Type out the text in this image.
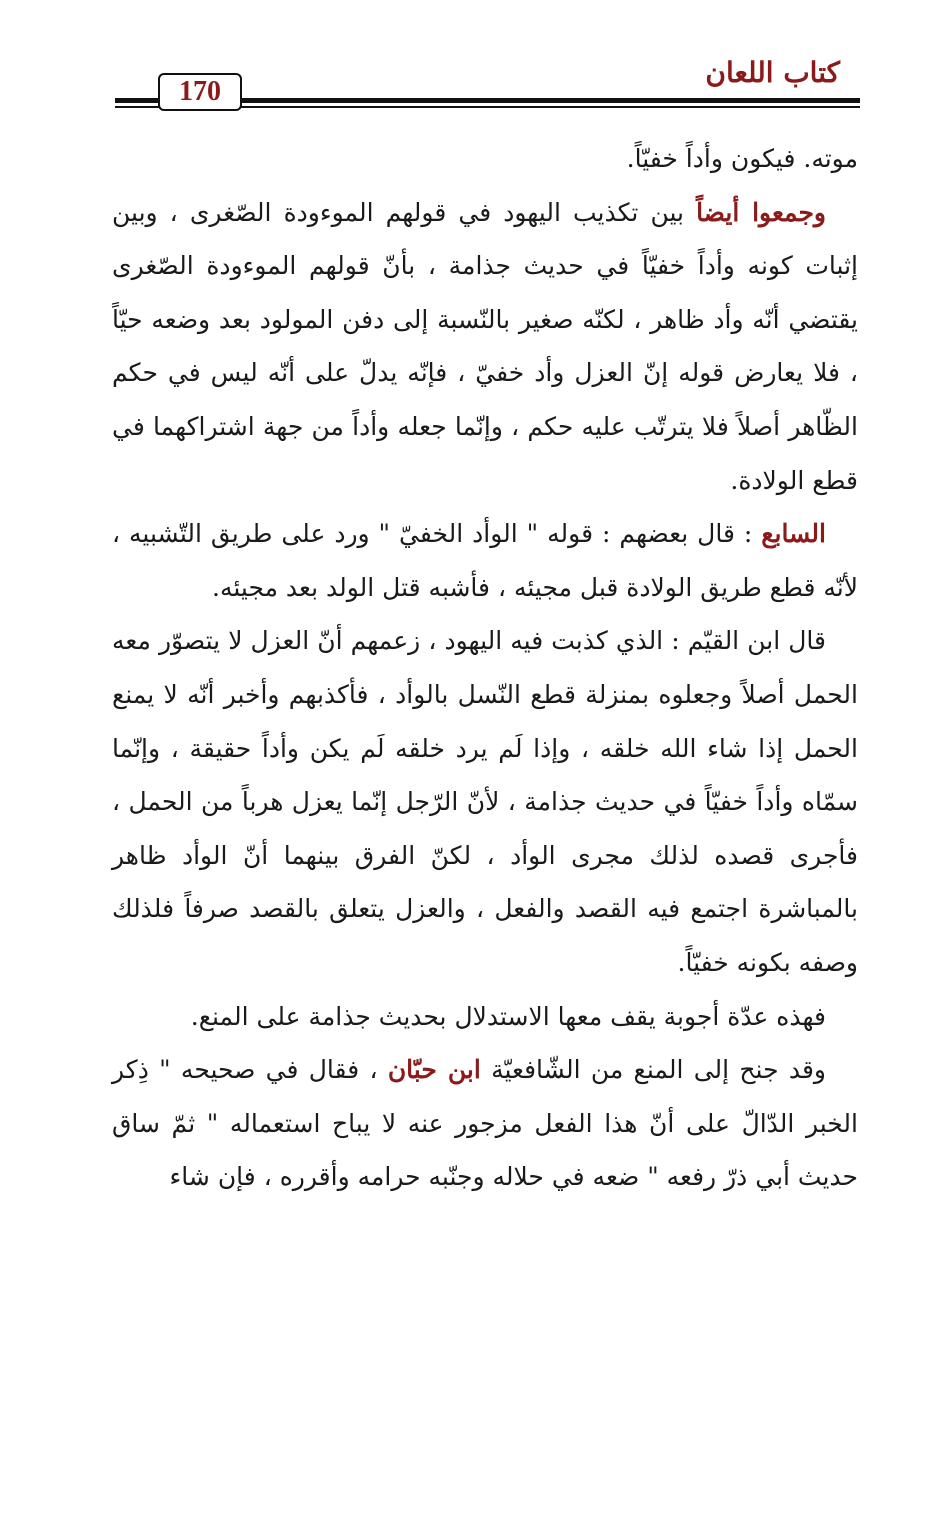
كتاب اللعان
170

موته. فيكون وأداً خفيّاً.

وجمعوا أيضاً بين تكذيب اليهود في قولهم الموءودة الصّغرى ، وبين إثبات كونه وأداً خفيّاً في حديث جذامة ، بأنّ قولهم الموءودة الصّغرى يقتضي أنّه وأد ظاهر ، لكنّه صغير بالنّسبة إلى دفن المولود بعد وضعه حيّاً ، فلا يعارض قوله إنّ العزل وأد خفيّ ، فإنّه يدلّ على أنّه ليس في حكم الظّاهر أصلاً فلا يترتّب عليه حكم ، وإنّما جعله وأداً من جهة اشتراكهما في قطع الولادة.

السابع : قال بعضهم : قوله " الوأد الخفيّ " ورد على طريق التّشبيه ، لأنّه قطع طريق الولادة قبل مجيئه ، فأشبه قتل الولد بعد مجيئه.

قال ابن القيّم : الذي كذبت فيه اليهود ، زعمهم أنّ العزل لا يتصوّر معه الحمل أصلاً وجعلوه بمنزلة قطع النّسل بالوأد ، فأكذبهم وأخبر أنّه لا يمنع الحمل إذا شاء الله خلقه ، وإذا لَم يرد خلقه لَم يكن وأداً حقيقة ، وإنّما سمّاه وأداً خفيّاً في حديث جذامة ، لأنّ الرّجل إنّما يعزل هرباً من الحمل ، فأجرى قصده لذلك مجرى الوأد ، لكنّ الفرق بينهما أنّ الوأد ظاهر بالمباشرة اجتمع فيه القصد والفعل ، والعزل يتعلق بالقصد صرفاً فلذلك وصفه بكونه خفيّاً.

فهذه عدّة أجوبة يقف معها الاستدلال بحديث جذامة على المنع.

وقد جنح إلى المنع من الشّافعيّة ابن حبّان ، فقال في صحيحه " ذِكر الخبر الدّالّ على أنّ هذا الفعل مزجور عنه لا يباح استعماله " ثمّ ساق حديث أبي ذرّ رفعه " ضعه في حلاله وجنّبه حرامه وأقرره ، فإن شاء
